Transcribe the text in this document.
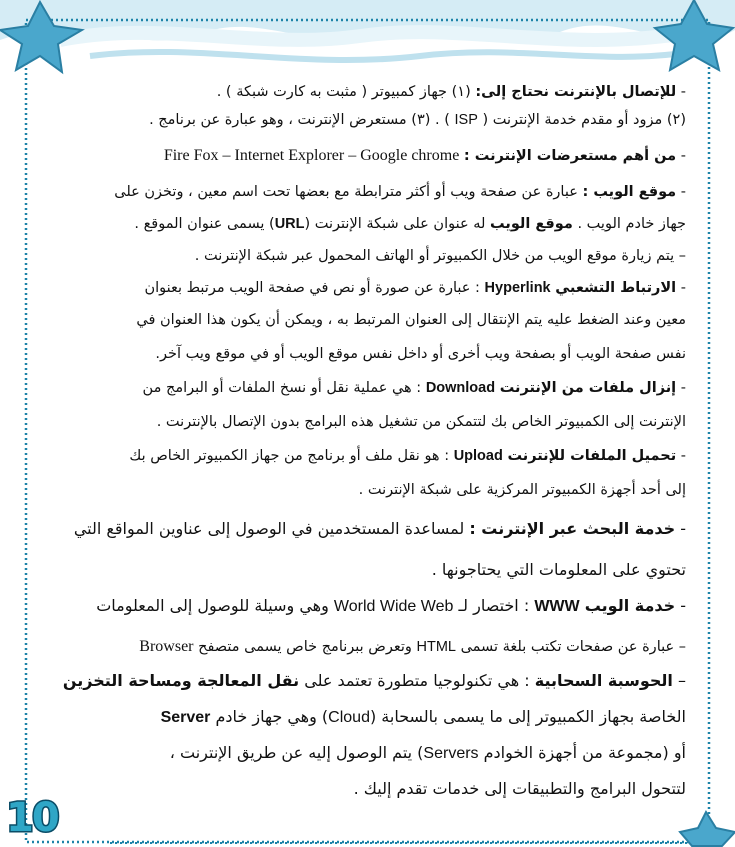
- للإتصال بالإنترنت نحتاج إلى: (١) جهاز كمبيوتر ( مثبت به كارت شبكة ) .
(٢) مزود أو مقدم خدمة الإنترنت ( ISP ) . (٣) مستعرض الإنترنت ، وهو عبارة عن برنامج .
- من أهم مستعرضات الإنترنت : Fire Fox – Internet Explorer – Google chrome
- موقع الويب : عبارة عن صفحة ويب أو أكثر مترابطة مع بعضها تحت اسم معين ، وتخزن على
جهاز خادم الويب . موقع الويب له عنوان على شبكة الإنترنت (URL) يسمى عنوان الموقع .
– يتم زيارة موقع الويب من خلال الكمبيوتر أو الهاتف المحمول عبر شبكة الإنترنت .
- الارتباط التشعبي Hyperlink : عبارة عن صورة أو نص في صفحة الويب مرتبط بعنوان
معين وعند الضغط عليه يتم الإنتقال إلى العنوان المرتبط به ، ويمكن أن يكون هذا العنوان في
نفس صفحة الويب أو بصفحة ويب أخرى أو داخل نفس موقع الويب أو في موقع ويب آخر.
- إنزال ملفات من الإنترنت Download : هي عملية نقل أو نسخ الملفات أو البرامج من
الإنترنت إلى الكمبيوتر الخاص بك لتتمكن من تشغيل هذه البرامج بدون الإتصال بالإنترنت .
- تحميل الملفات للإنترنت Upload : هو نقل ملف أو برنامج من جهاز الكمبيوتر الخاص بك
إلى أحد أجهزة الكمبيوتر المركزية على شبكة الإنترنت .
- خدمة البحث عبر الإنترنت : لمساعدة المستخدمين في الوصول إلى عناوين المواقع التي
تحتوي على المعلومات التي يحتاجونها .
- خدمة الويب WWW : اختصار لـ World Wide Web وهي وسيلة للوصول إلى المعلومات
– عبارة عن صفحات تكتب بلغة تسمى HTML وتعرض ببرنامج خاص يسمى متصفح Browser
– الحوسبة السحابية : هي تكنولوجيا متطورة تعتمد على نقل المعالجة ومساحة التخزين
الخاصة بجهاز الكمبيوتر إلى ما يسمى بالسحابة (Cloud) وهي جهاز خادم Server
أو (مجموعة من أجهزة الخوادم Servers) يتم الوصول إليه عن طريق الإنترنت ،
لتتحول البرامج والتطبيقات إلى خدمات تقدم إليك .
10
